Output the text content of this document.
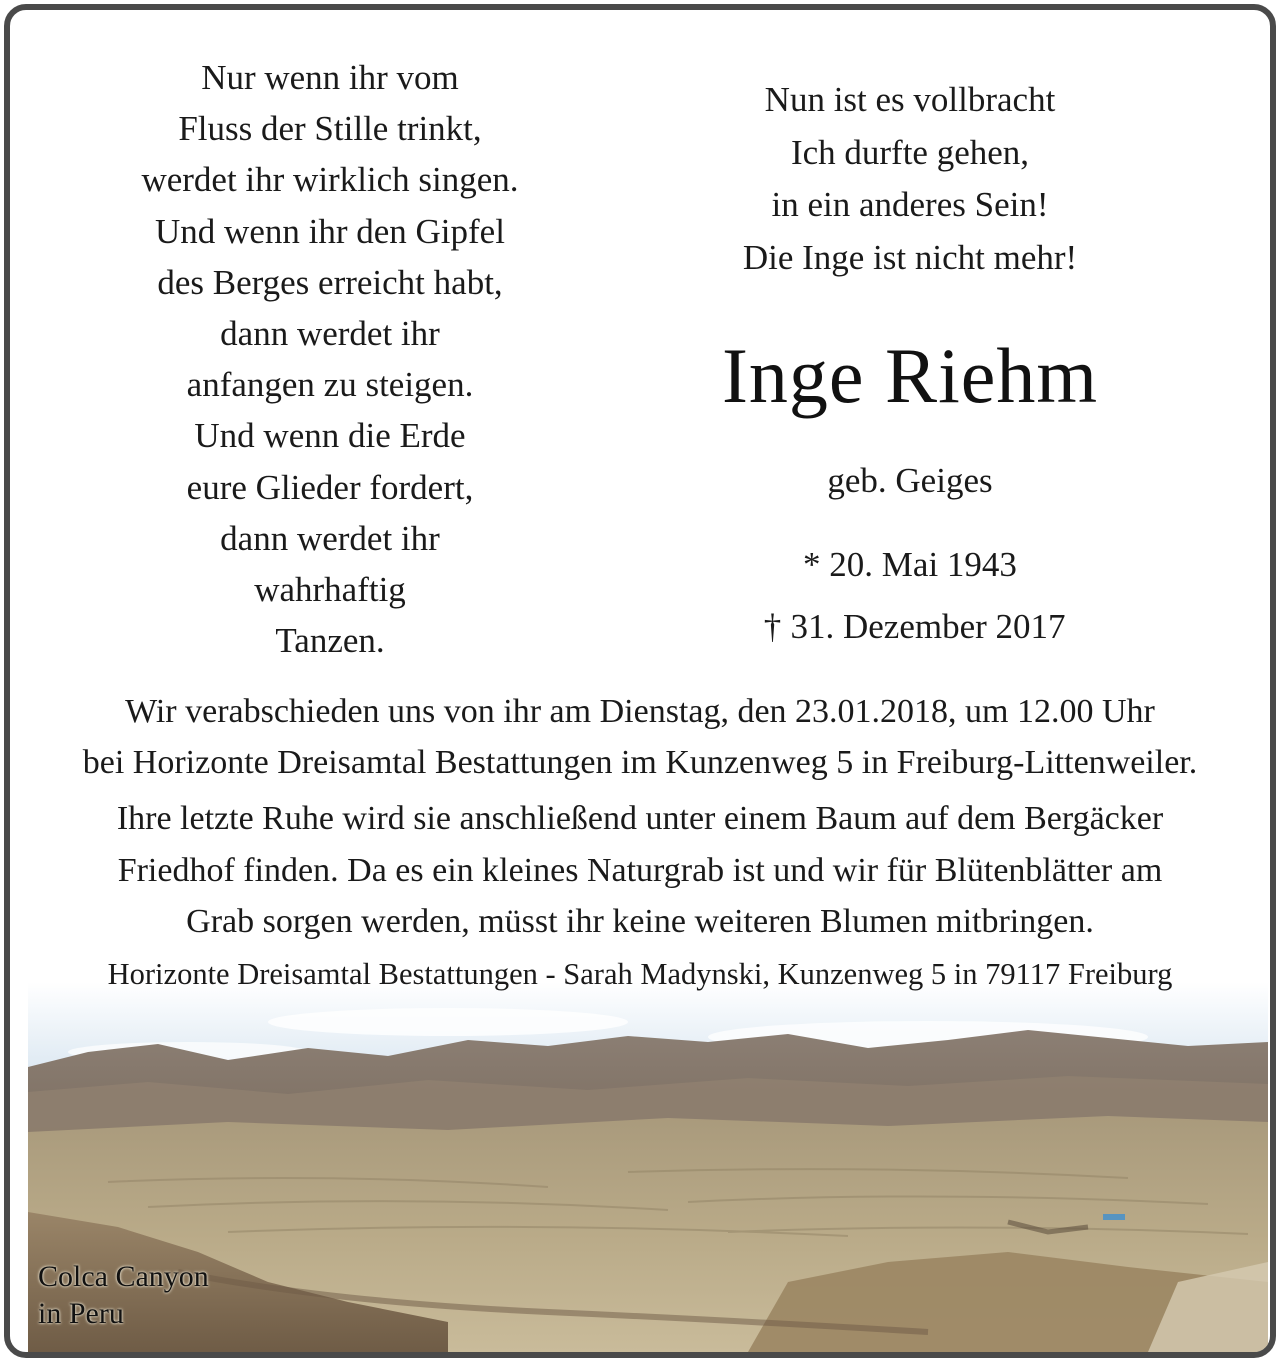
Nur wenn ihr vom
Fluss der Stille trinkt,
werdet ihr wirklich singen.
Und wenn ihr den Gipfel
des Berges erreicht habt,
dann werdet ihr
anfangen zu steigen.
Und wenn die Erde
eure Glieder fordert,
dann werdet ihr
wahrhaftig
Tanzen.
Nun ist es vollbracht
Ich durfte gehen,
in ein anderes Sein!
Die Inge ist nicht mehr!
Inge Riehm
geb. Geiges
* 20. Mai 1943
† 31. Dezember 2017
Wir verabschieden uns von ihr am Dienstag, den 23.01.2018, um 12.00 Uhr
bei Horizonte Dreisamtal Bestattungen im Kunzenweg 5 in Freiburg-Littenweiler.
Ihre letzte Ruhe wird sie anschließend unter einem Baum auf dem Bergäcker
Friedhof finden. Da es ein kleines Naturgrab ist und wir für Blütenblätter am
Grab sorgen werden, müsst ihr keine weiteren Blumen mitbringen.
Horizonte Dreisamtal Bestattungen - Sarah Madynski, Kunzenweg 5 in 79117 Freiburg
Colca Canyon
in Peru
